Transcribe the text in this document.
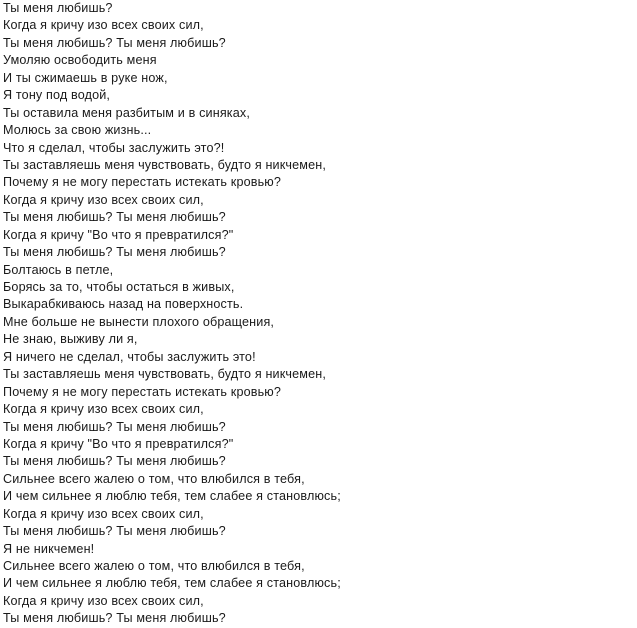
Ты меня любишь?
Когда я кричу изо всех своих сил,
Ты меня любишь? Ты меня любишь?
Умоляю освободить меня
И ты сжимаешь в руке нож,
Я тону под водой,
Ты оставила меня разбитым и в синяках,
Молюсь за свою жизнь...
Что я сделал, чтобы заслужить это?!
Ты заставляешь меня чувствовать, будто я никчемен,
Почему я не могу перестать истекать кровью?
Когда я кричу изо всех своих сил,
Ты меня любишь? Ты меня любишь?
Когда я кричу "Во что я превратился?"
Ты меня любишь? Ты меня любишь?
Болтаюсь в петле,
Борясь за то, чтобы остаться в живых,
Выкарабкиваюсь назад на поверхность.
Мне больше не вынести плохого обращения,
Не знаю, выживу ли я,
Я ничего не сделал, чтобы заслужить это!
Ты заставляешь меня чувствовать, будто я никчемен,
Почему я не могу перестать истекать кровью?
Когда я кричу изо всех своих сил,
Ты меня любишь? Ты меня любишь?
Когда я кричу "Во что я превратился?"
Ты меня любишь? Ты меня любишь?
Сильнее всего жалею о том, что влюбился в тебя,
И чем сильнее я люблю тебя, тем слабее я становлюсь;
Когда я кричу изо всех своих сил,
Ты меня любишь? Ты меня любишь?
Я не никчемен!
Сильнее всего жалею о том, что влюбился в тебя,
И чем сильнее я люблю тебя, тем слабее я становлюсь;
Когда я кричу изо всех своих сил,
Ты меня любишь? Ты меня любишь?
